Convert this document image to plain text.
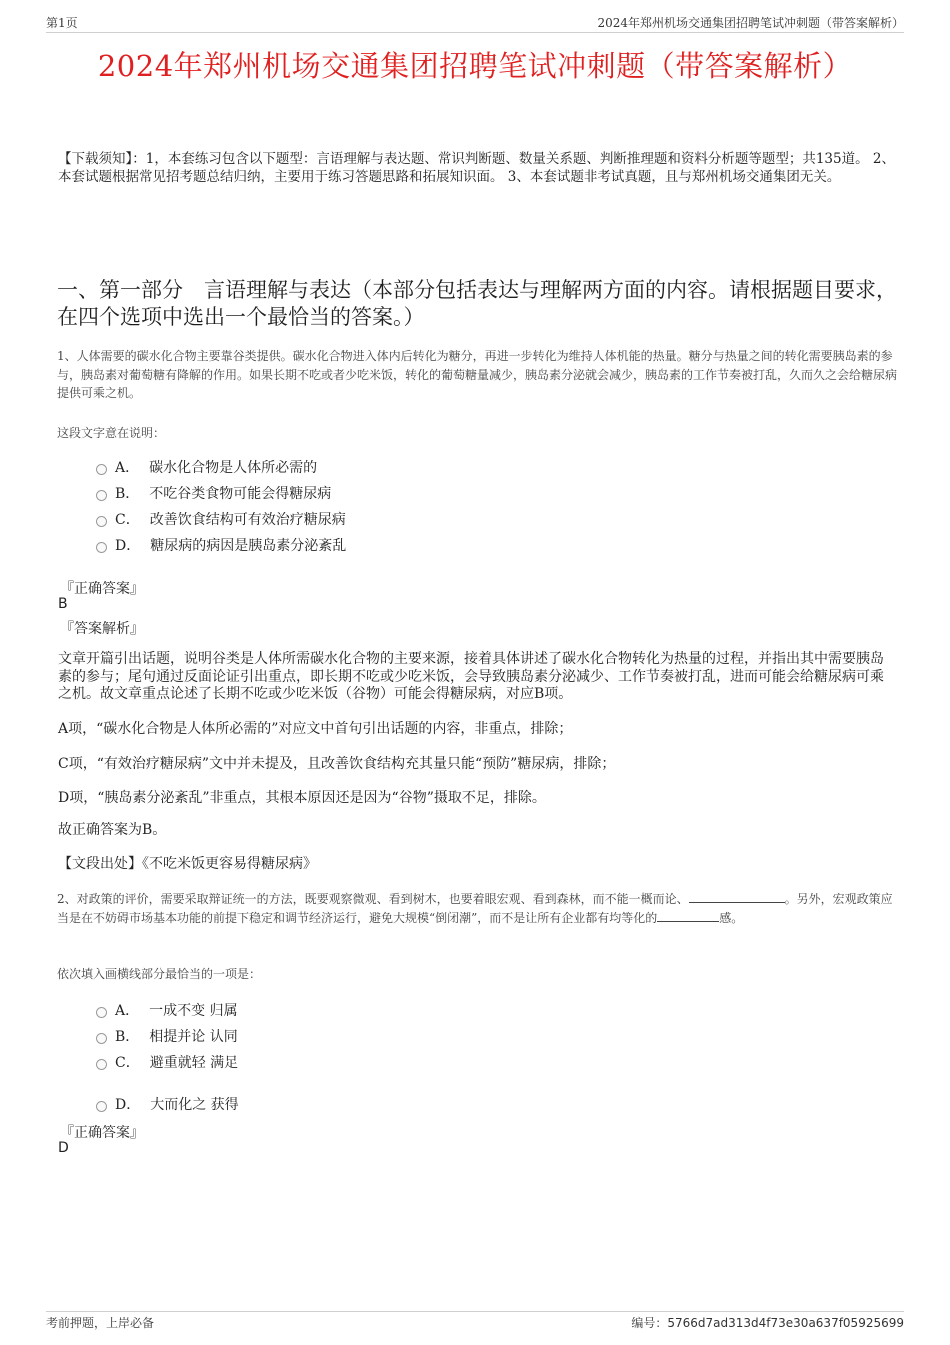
第1页	2024年郑州机场交通集团招聘笔试冲刺题（带答案解析）
2024年郑州机场交通集团招聘笔试冲刺题（带答案解析）
【下载须知】：1，本套练习包含以下题型：言语理解与表达题、常识判断题、数量关系题、判断推理题和资料分析题等题型；共135道。 2、本套试题根据常见招考题总结归纳，主要用于练习答题思路和拓展知识面。 3、本套试题非考试真题，且与郑州机场交通集团无关。
一、第一部分　言语理解与表达（本部分包括表达与理解两方面的内容。请根据题目要求，在四个选项中选出一个最恰当的答案。）
1、人体需要的碳水化合物主要靠谷类提供。碳水化合物进入体内后转化为糖分，再进一步转化为维持人体机能的热量。糖分与热量之间的转化需要胰岛素的参与，胰岛素对葡萄糖有降解的作用。如果长期不吃或者少吃米饭，转化的葡萄糖量减少，胰岛素分泌就会减少，胰岛素的工作节奏被打乱，久而久之会给糖尿病提供可乘之机。
这段文字意在说明：
A． 碳水化合物是人体所必需的
B． 不吃谷类食物可能会得糖尿病
C． 改善饮食结构可有效治疗糖尿病
D． 糖尿病的病因是胰岛素分泌紊乱
『正确答案』
B
『答案解析』
文章开篇引出话题，说明谷类是人体所需碳水化合物的主要来源，接着具体讲述了碳水化合物转化为热量的过程，并指出其中需要胰岛素的参与；尾句通过反面论证引出重点，即长期不吃或少吃米饭，会导致胰岛素分泌减少、工作节奏被打乱，进而可能会给糖尿病可乘之机。故文章重点论述了长期不吃或少吃米饭（谷物）可能会得糖尿病，对应B项。
A项，“碳水化合物是人体所必需的”对应文中首句引出话题的内容，非重点，排除；
C项，“有效治疗糖尿病”文中并未提及，且改善饮食结构充其量只能“预防”糖尿病，排除；
D项，“胰岛素分泌紊乱”非重点，其根本原因还是因为“谷物”摄取不足，排除。
故正确答案为B。
【文段出处】《不吃米饭更容易得糖尿病》
2、对政策的评价，需要采取辩证统一的方法，既要观察微观、看到树木，也要着眼宏观、看到森林，而不能一概而论、	。另外，宏观政策应当是在不妨碍市场基本功能的前提下稳定和调节经济运行，避免大规模“倒闭潮”，而不是让所有企业都有均等化的	感。
依次填入画横线部分最恰当的一项是：
A． 一成不变 归属
B． 相提并论 认同
C． 避重就轻 满足
D． 大而化之 获得
『正确答案』
D
考前押题，上岸必备	编号：5766d7ad313d4f73e30a637f05925699
